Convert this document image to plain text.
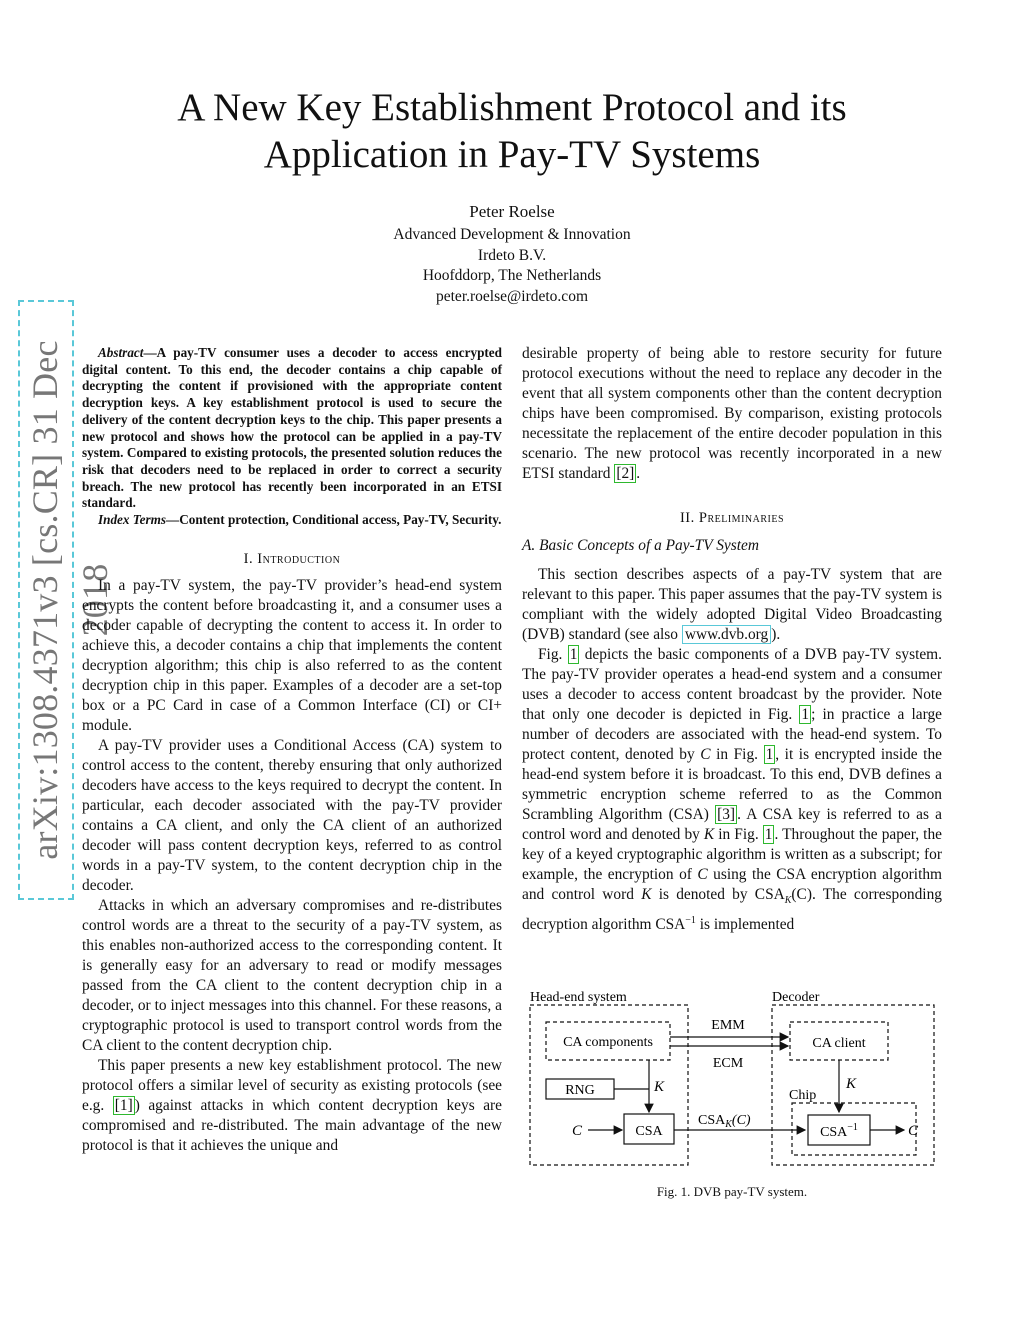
A New Key Establishment Protocol and its
Application in Pay-TV Systems
Peter Roelse
Advanced Development & Innovation
Irdeto B.V.
Hoofddorp, The Netherlands
peter.roelse@irdeto.com
arXiv:1308.4371v3 [cs.CR] 31 Dec 2018

Abstract—A pay-TV consumer uses a decoder to access encrypted digital content. To this end, the decoder contains a chip capable of decrypting the content if provisioned with the appropriate content decryption keys. A key establishment protocol is used to secure the delivery of the content decryption keys to the chip. This paper presents a new protocol and shows how the protocol can be applied in a pay-TV system. Compared to existing protocols, the presented solution reduces the risk that decoders need to be replaced in order to correct a security breach. The new protocol has recently been incorporated in an ETSI standard.

Index Terms—Content protection, Conditional access, Pay-TV, Security.

I. Introduction

In a pay-TV system, the pay-TV provider’s head-end system encrypts the content before broadcasting it, and a consumer uses a decoder capable of decrypting the content to access it. In order to achieve this, a decoder contains a chip that implements the content decryption algorithm; this chip is also referred to as the content decryption chip in this paper. Examples of a decoder are a set-top box or a PC Card in case of a Common Interface (CI) or CI+ module.

A pay-TV provider uses a Conditional Access (CA) system to control access to the content, thereby ensuring that only authorized decoders have access to the keys required to decrypt the content. In particular, each decoder associated with the pay-TV provider contains a CA client, and only the CA client of an authorized decoder will pass content decryption keys, referred to as control words in a pay-TV system, to the content decryption chip in the decoder.

Attacks in which an adversary compromises and re-distributes control words are a threat to the security of a pay-TV system, as this enables non-authorized access to the corresponding content. It is generally easy for an adversary to read or modify messages passed from the CA client to the content decryption chip in a decoder, or to inject messages into this channel. For these reasons, a cryptographic protocol is used to transport control words from the CA client to the content decryption chip.

This paper presents a new key establishment protocol. The new protocol offers a similar level of security as existing protocols (see e.g. [1] ) against attacks in which content decryption keys are compromised and re-distributed. The main advantage of the new protocol is that it achieves the unique and

desirable property of being able to restore security for future protocol executions without the need to replace any decoder in the event that all system components other than the content decryption chips have been compromised. By comparison, existing protocols necessitate the replacement of the entire decoder population in this scenario. The new protocol was recently incorporated in a new ETSI standard [2] .

II. Preliminaries
A. Basic Concepts of a Pay-TV System

This section describes aspects of a pay-TV system that are relevant to this paper. This paper assumes that the pay-TV system is compliant with the widely adopted Digital Video Broadcasting (DVB) standard (see also www.dvb.org ).

Fig. 1 depicts the basic components of a DVB pay-TV system. The pay-TV provider operates a head-end system and a consumer uses a decoder to access content broadcast by the provider. Note that only one decoder is depicted in Fig. 1 ; in practice a large number of decoders are associated with the head-end system. To protect content, denoted by C in Fig. 1 , it is encrypted inside the head-end system before it is broadcast. To this end, DVB defines a symmetric encryption scheme referred to as the Common Scrambling Algorithm (CSA) [3] . A CSA key is referred to as a control word and denoted by K in Fig. 1 . Throughout the paper, the key of a keyed cryptographic algorithm is written as a subscript; for example, the encryption of C using the CSA encryption algorithm and control word K is denoted by $CSA_K(C)$. The corresponding decryption algorithm $CSA^{-1}$ is implemented

Head-end system	Decoder
CA components	CA client
EMM
ECM
RNG	K
CSA
C
$CSA_K(C)$
Chip
K
$CSA^{-1}$	C
Fig. 1. DVB pay-TV system.
